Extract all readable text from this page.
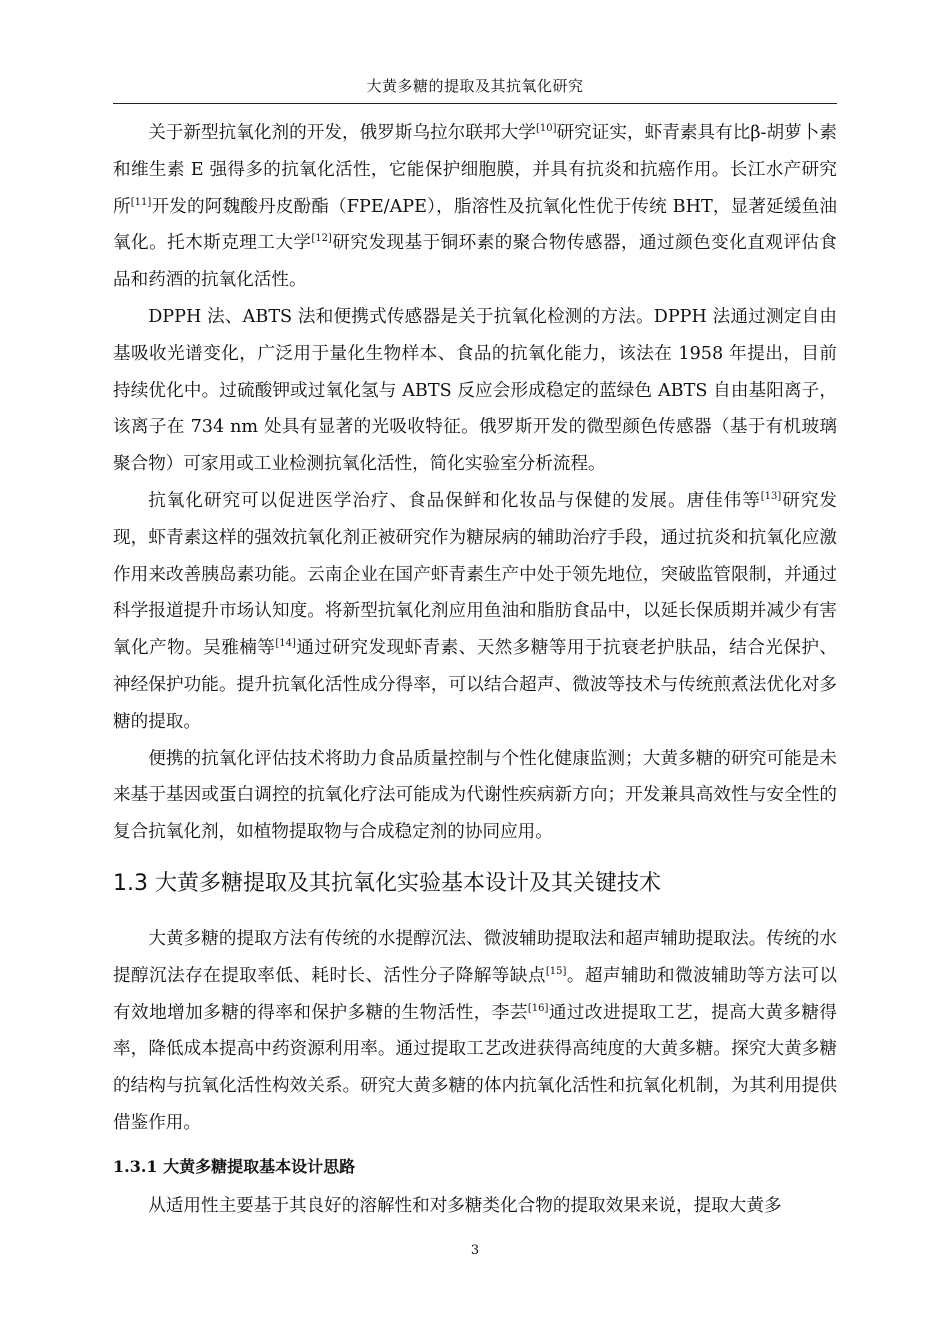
大黄多糖的提取及其抗氧化研究

关于新型抗氧化剂的开发，俄罗斯乌拉尔联邦大学[10]研究证实，虾青素具有比β-胡萝卜素和维生素 E 强得多的抗氧化活性，它能保护细胞膜，并具有抗炎和抗癌作用。长江水产研究所[11]开发的阿魏酸丹皮酚酯（FPE/APE），脂溶性及抗氧化性优于传统 BHT，显著延缓鱼油氧化。托木斯克理工大学[12]研究发现基于铜环素的聚合物传感器，通过颜色变化直观评估食品和药酒的抗氧化活性。

DPPH 法、ABTS 法和便携式传感器是关于抗氧化检测的方法。DPPH 法通过测定自由基吸收光谱变化，广泛用于量化生物样本、食品的抗氧化能力，该法在 1958 年提出，目前持续优化中。过硫酸钾或过氧化氢与 ABTS 反应会形成稳定的蓝绿色 ABTS 自由基阳离子，该离子在 734 nm 处具有显著的光吸收特征。俄罗斯开发的微型颜色传感器（基于有机玻璃聚合物）可家用或工业检测抗氧化活性，简化实验室分析流程。

抗氧化研究可以促进医学治疗、食品保鲜和化妆品与保健的发展。唐佳伟等[13]研究发现，虾青素这样的强效抗氧化剂正被研究作为糖尿病的辅助治疗手段，通过抗炎和抗氧化应激作用来改善胰岛素功能。云南企业在国产虾青素生产中处于领先地位，突破监管限制，并通过科学报道提升市场认知度。将新型抗氧化剂应用鱼油和脂肪食品中，以延长保质期并减少有害氧化产物。吴雅楠等[14]通过研究发现虾青素、天然多糖等用于抗衰老护肤品，结合光保护、神经保护功能。提升抗氧化活性成分得率，可以结合超声、微波等技术与传统煎煮法优化对多糖的提取。

便携的抗氧化评估技术将助力食品质量控制与个性化健康监测；大黄多糖的研究可能是未来基于基因或蛋白调控的抗氧化疗法可能成为代谢性疾病新方向；开发兼具高效性与安全性的复合抗氧化剂，如植物提取物与合成稳定剂的协同应用。

1.3 大黄多糖提取及其抗氧化实验基本设计及其关键技术

大黄多糖的提取方法有传统的水提醇沉法、微波辅助提取法和超声辅助提取法。传统的水提醇沉法存在提取率低、耗时长、活性分子降解等缺点[15]。超声辅助和微波辅助等方法可以有效地增加多糖的得率和保护多糖的生物活性，李芸[16]通过改进提取工艺，提高大黄多糖得率，降低成本提高中药资源利用率。通过提取工艺改进获得高纯度的大黄多糖。探究大黄多糖的结构与抗氧化活性构效关系。研究大黄多糖的体内抗氧化活性和抗氧化机制，为其利用提供借鉴作用。

1.3.1 大黄多糖提取基本设计思路

从适用性主要基于其良好的溶解性和对多糖类化合物的提取效果来说，提取大黄多

3
